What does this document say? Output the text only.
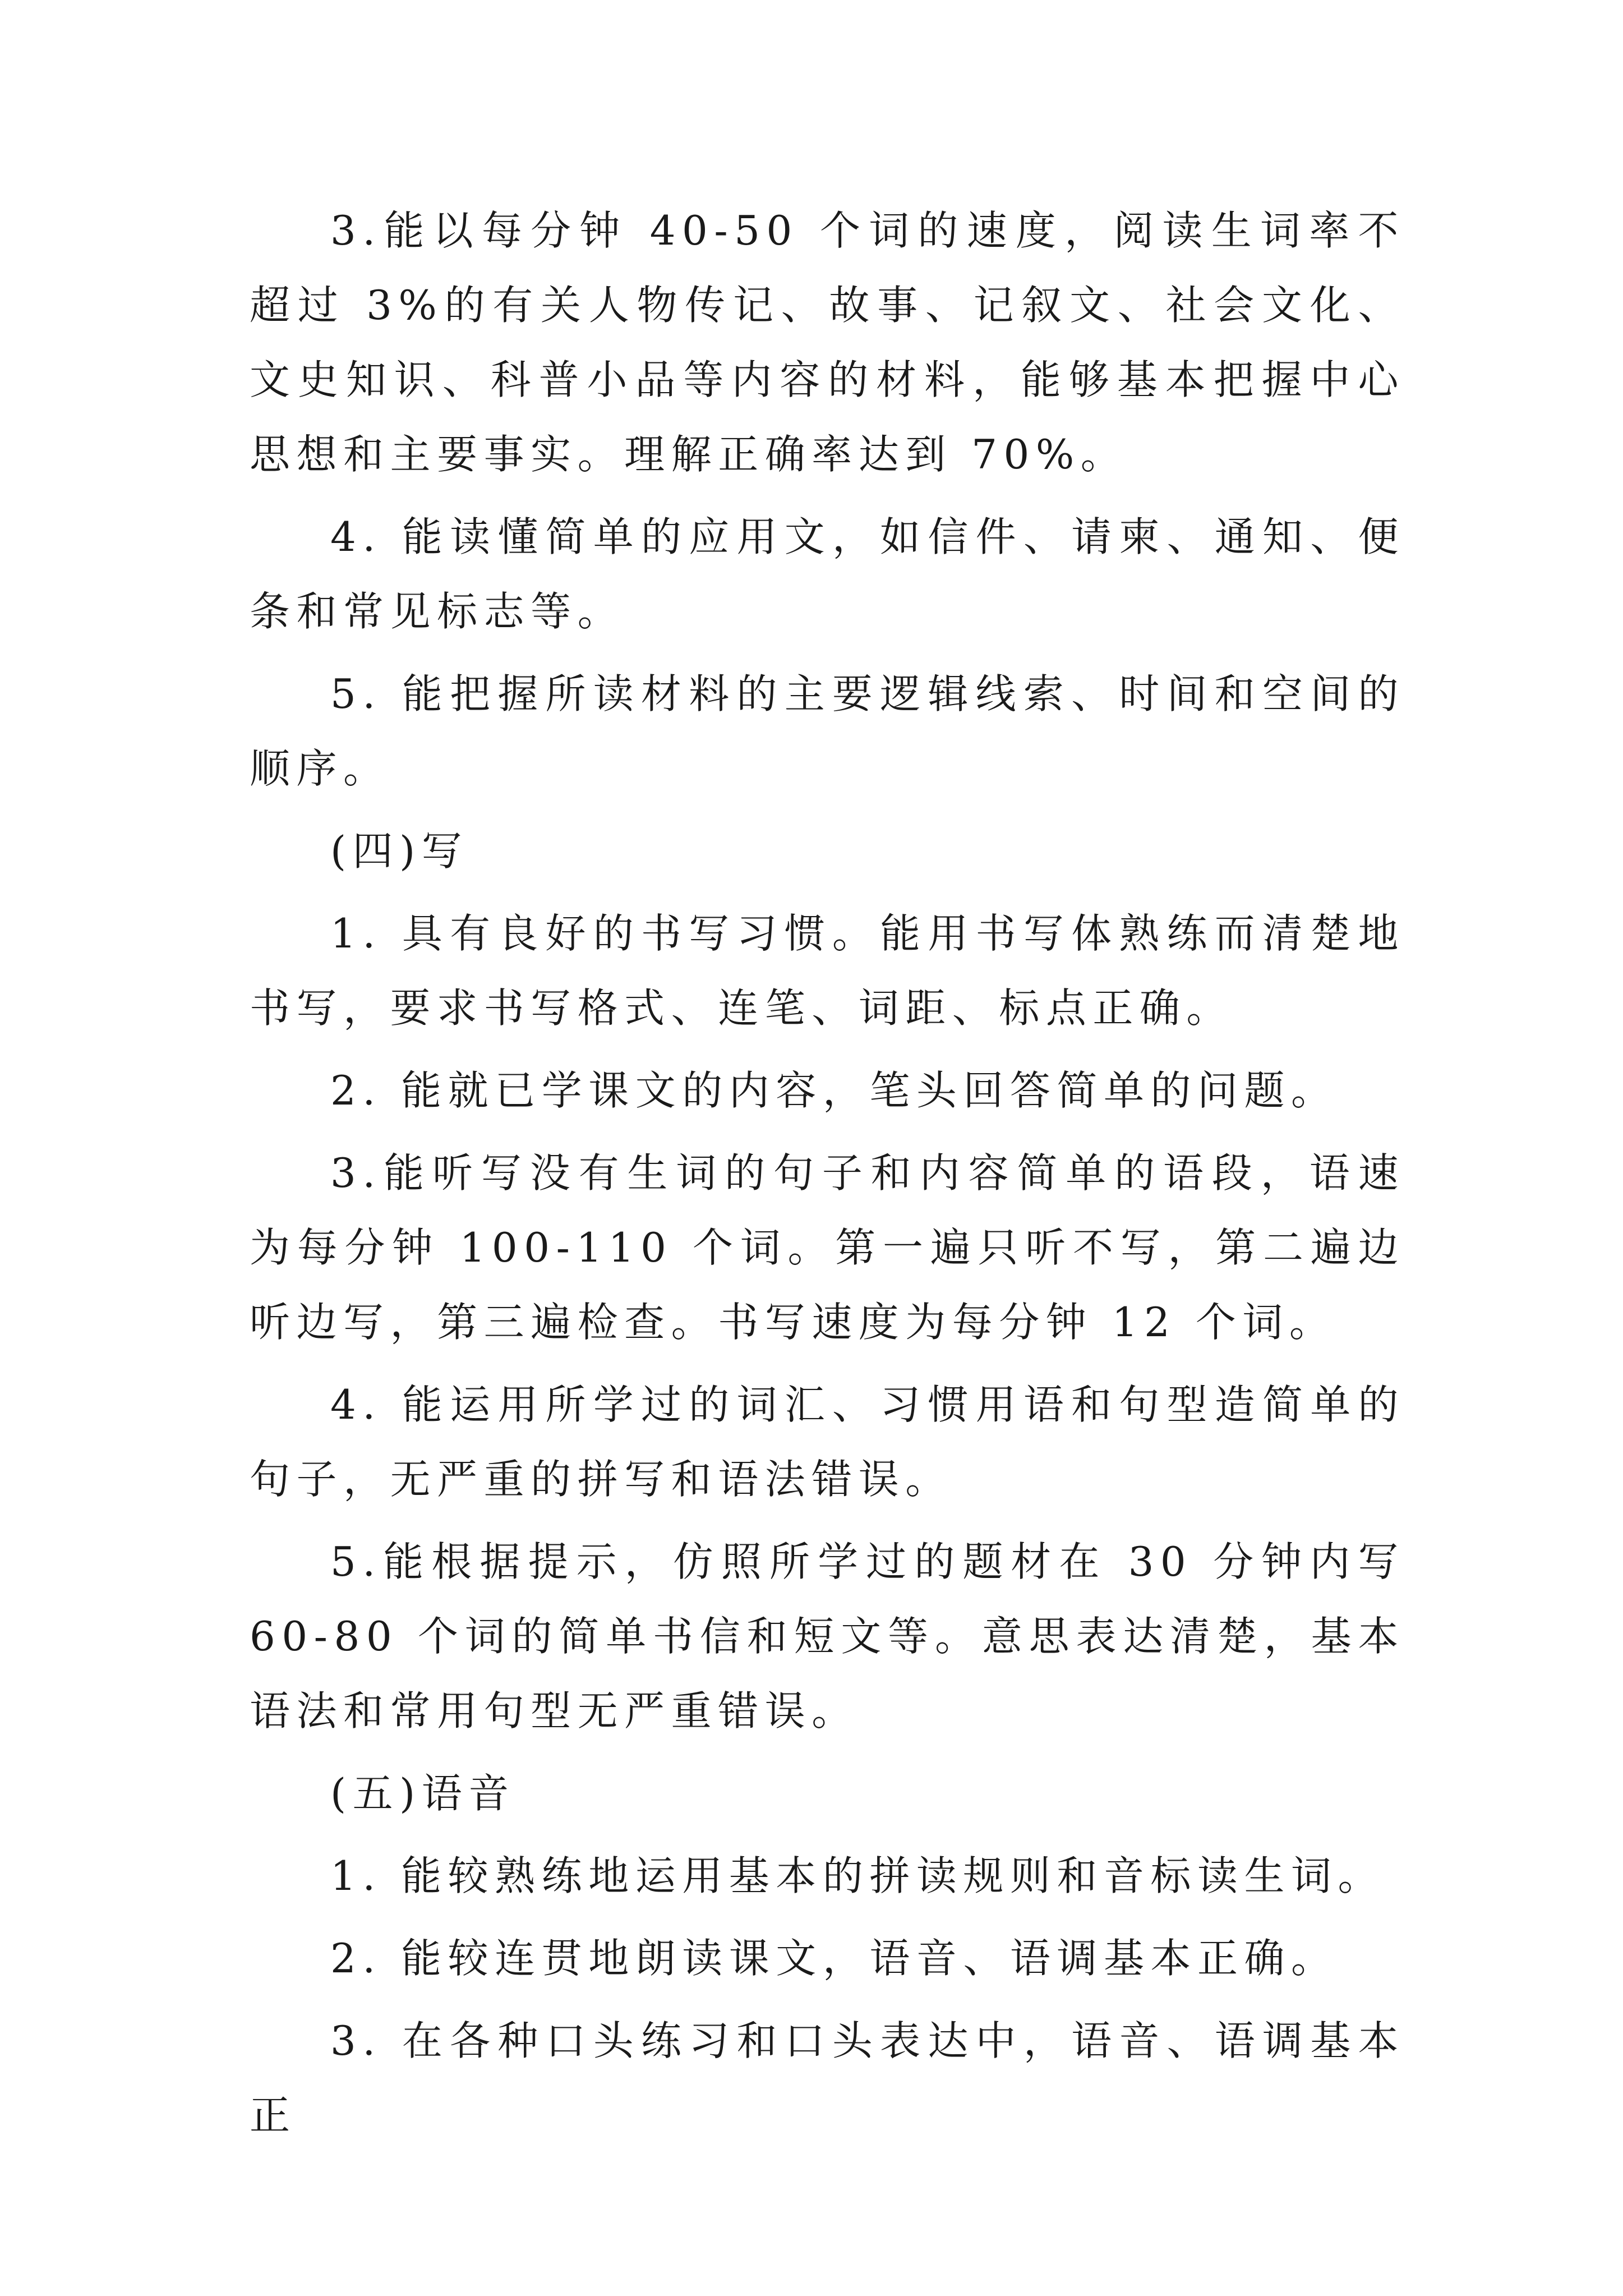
3.能以每分钟 40-50 个词的速度，阅读生词率不超过 3%的有关人物传记、故事、记叙文、社会文化、文史知识、科普小品等内容的材料，能够基本把握中心思想和主要事实。理解正确率达到 70%。

4. 能读懂简单的应用文，如信件、请柬、通知、便条和常见标志等。

5. 能把握所读材料的主要逻辑线索、时间和空间的顺序。

(四)写

1. 具有良好的书写习惯。能用书写体熟练而清楚地书写，要求书写格式、连笔、词距、标点正确。

2. 能就已学课文的内容，笔头回答简单的问题。

3.能听写没有生词的句子和内容简单的语段，语速为每分钟 100-110 个词。第一遍只听不写，第二遍边听边写，第三遍检查。书写速度为每分钟 12 个词。

4. 能运用所学过的词汇、习惯用语和句型造简单的句子，无严重的拼写和语法错误。

5.能根据提示，仿照所学过的题材在 30 分钟内写 60-80 个词的简单书信和短文等。意思表达清楚，基本语法和常用句型无严重错误。

(五)语音

1. 能较熟练地运用基本的拼读规则和音标读生词。

2. 能较连贯地朗读课文，语音、语调基本正确。

3. 在各种口头练习和口头表达中，语音、语调基本正
